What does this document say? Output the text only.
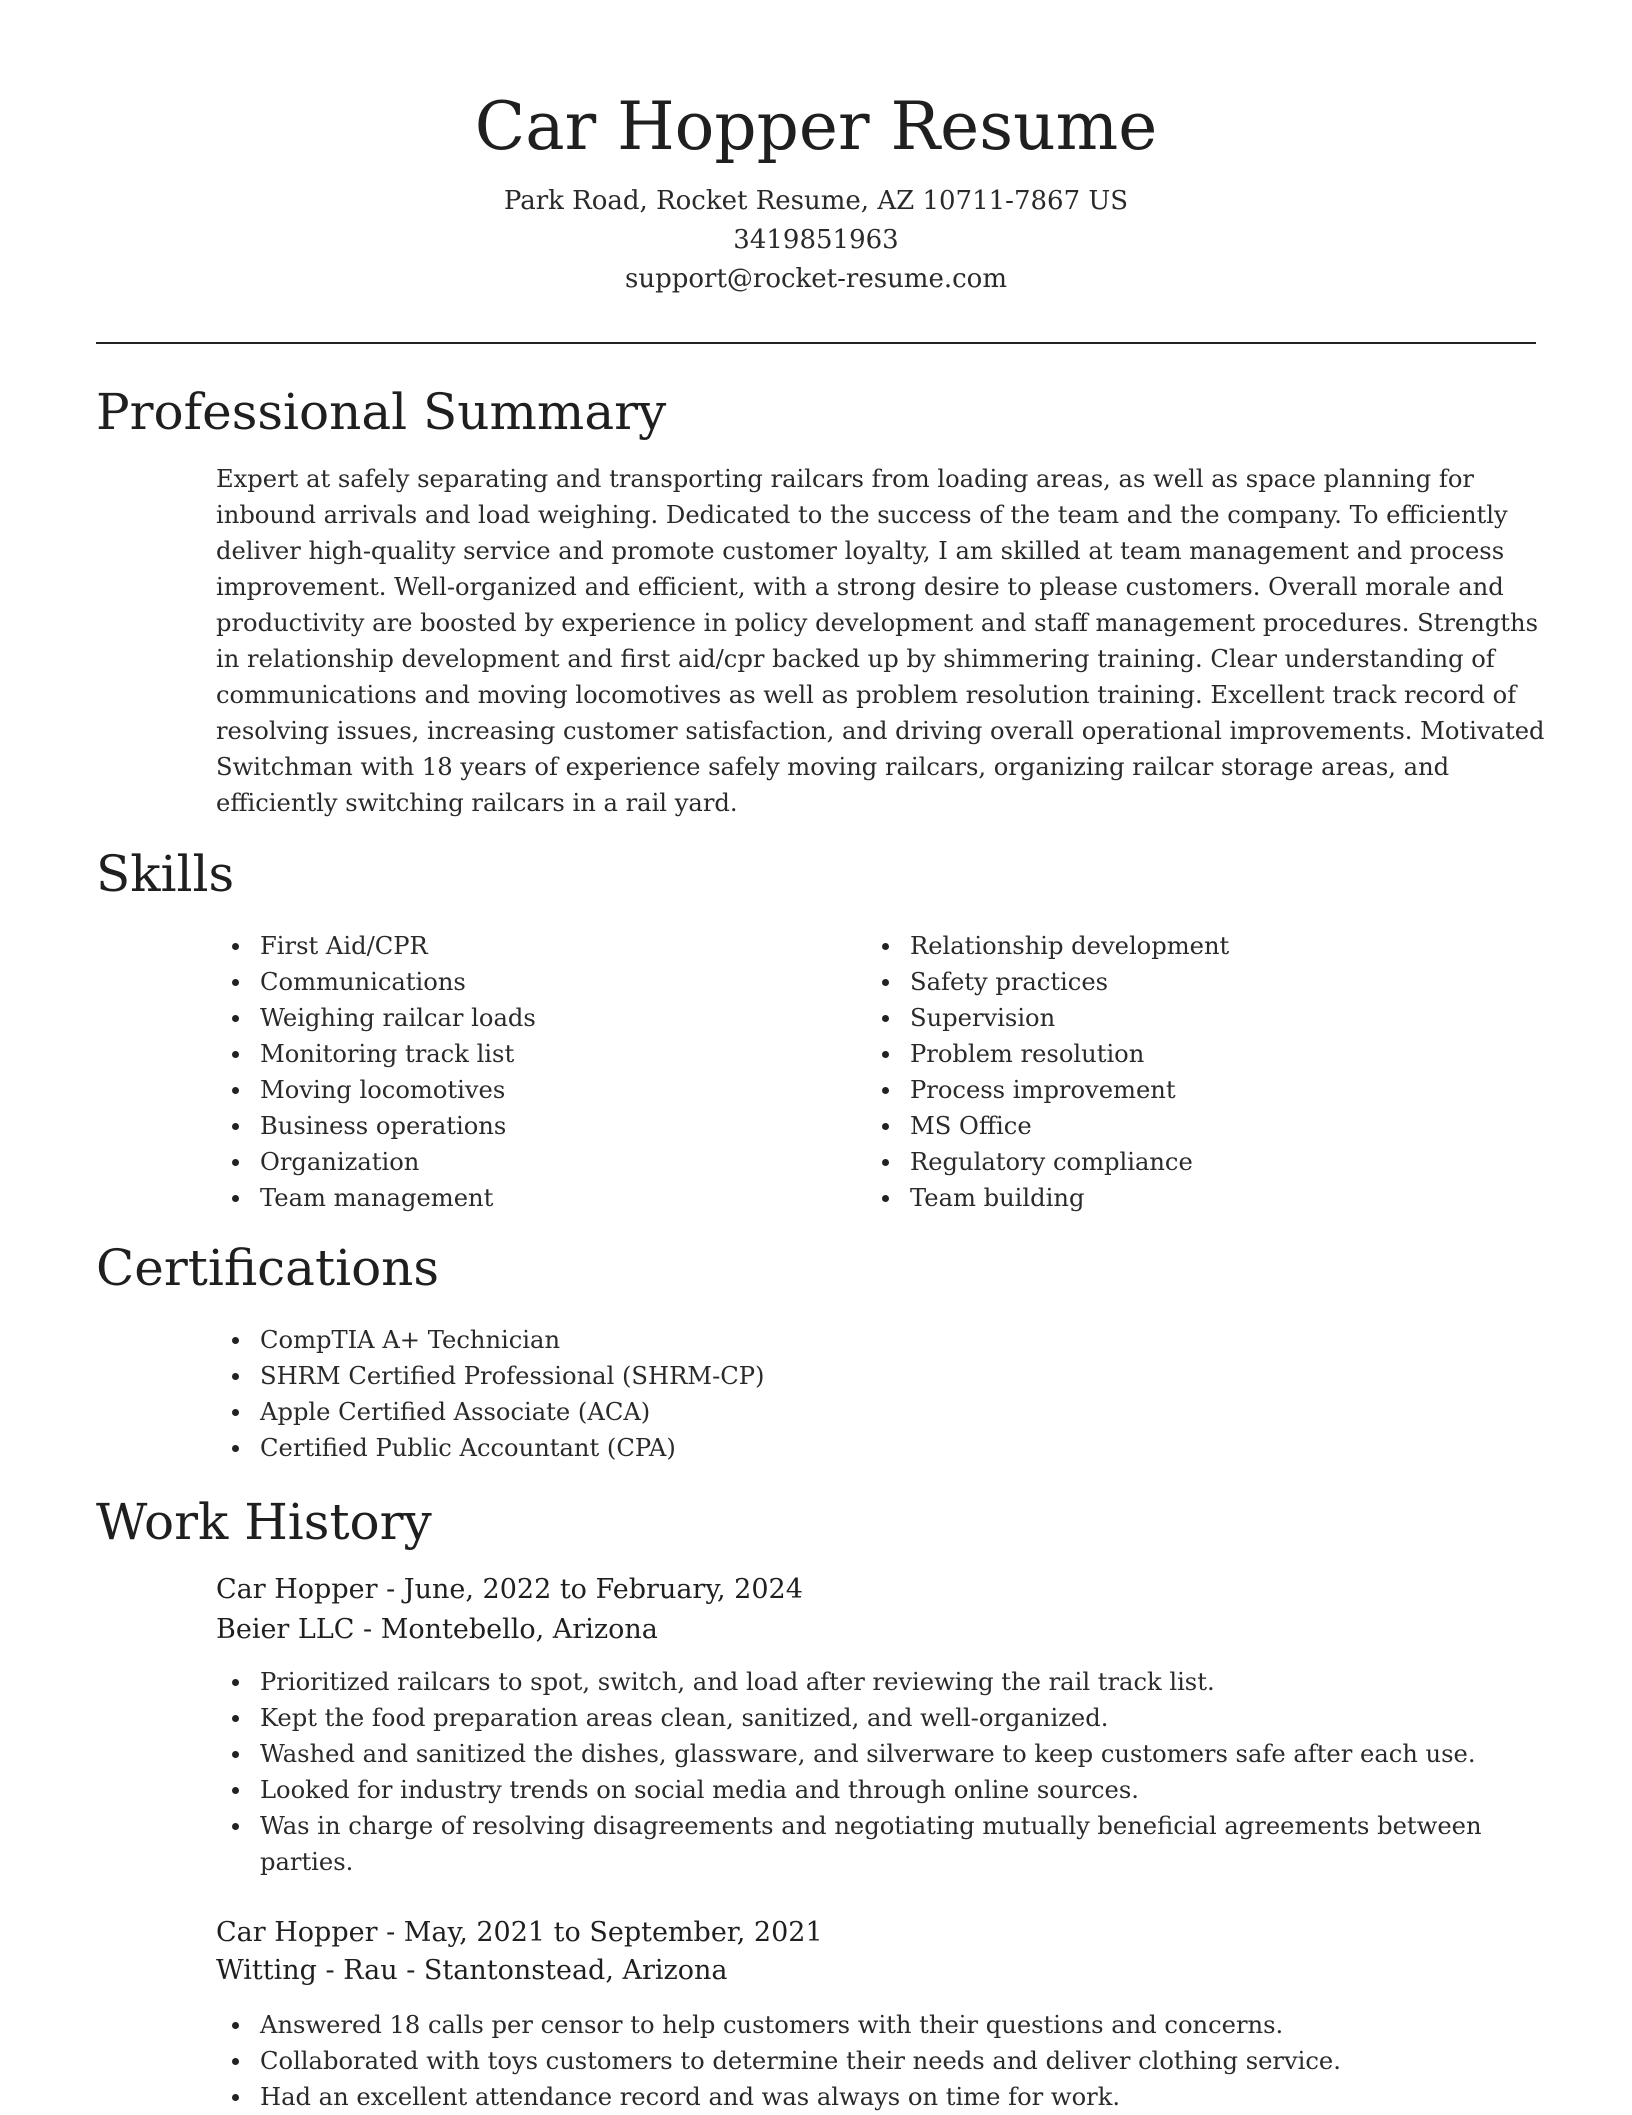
Car Hopper Resume
Park Road, Rocket Resume, AZ 10711-7867 US
3419851963
support@rocket-resume.com
Professional Summary

Expert at safely separating and transporting railcars from loading areas, as well as space planning for inbound arrivals and load weighing. Dedicated to the success of the team and the company. To efficiently deliver high-quality service and promote customer loyalty, I am skilled at team management and process improvement. Well-organized and efficient, with a strong desire to please customers. Overall morale and productivity are boosted by experience in policy development and staff management procedures. Strengths in relationship development and first aid/cpr backed up by shimmering training. Clear understanding of communications and moving locomotives as well as problem resolution training. Excellent track record of resolving issues, increasing customer satisfaction, and driving overall operational improvements. Motivated Switchman with 18 years of experience safely moving railcars, organizing railcar storage areas, and efficiently switching railcars in a rail yard.

Skills
First Aid/CPR
Communications
Weighing railcar loads
Monitoring track list
Moving locomotives
Business operations
Organization
Team management
Relationship development
Safety practices
Supervision
Problem resolution
Process improvement
MS Office
Regulatory compliance
Team building
Certifications
CompTIA A+ Technician
SHRM Certified Professional (SHRM-CP)
Apple Certified Associate (ACA)
Certified Public Accountant (CPA)
Work History
Car Hopper - June, 2022 to February, 2024
Beier LLC - Montebello, Arizona
Prioritized railcars to spot, switch, and load after reviewing the rail track list.
Kept the food preparation areas clean, sanitized, and well-organized.
Washed and sanitized the dishes, glassware, and silverware to keep customers safe after each use.
Looked for industry trends on social media and through online sources.
Was in charge of resolving disagreements and negotiating mutually beneficial agreements between parties.
Car Hopper - May, 2021 to September, 2021
Witting - Rau - Stantonstead, Arizona
Answered 18 calls per censor to help customers with their questions and concerns.
Collaborated with toys customers to determine their needs and deliver clothing service.
Had an excellent attendance record and was always on time for work.
